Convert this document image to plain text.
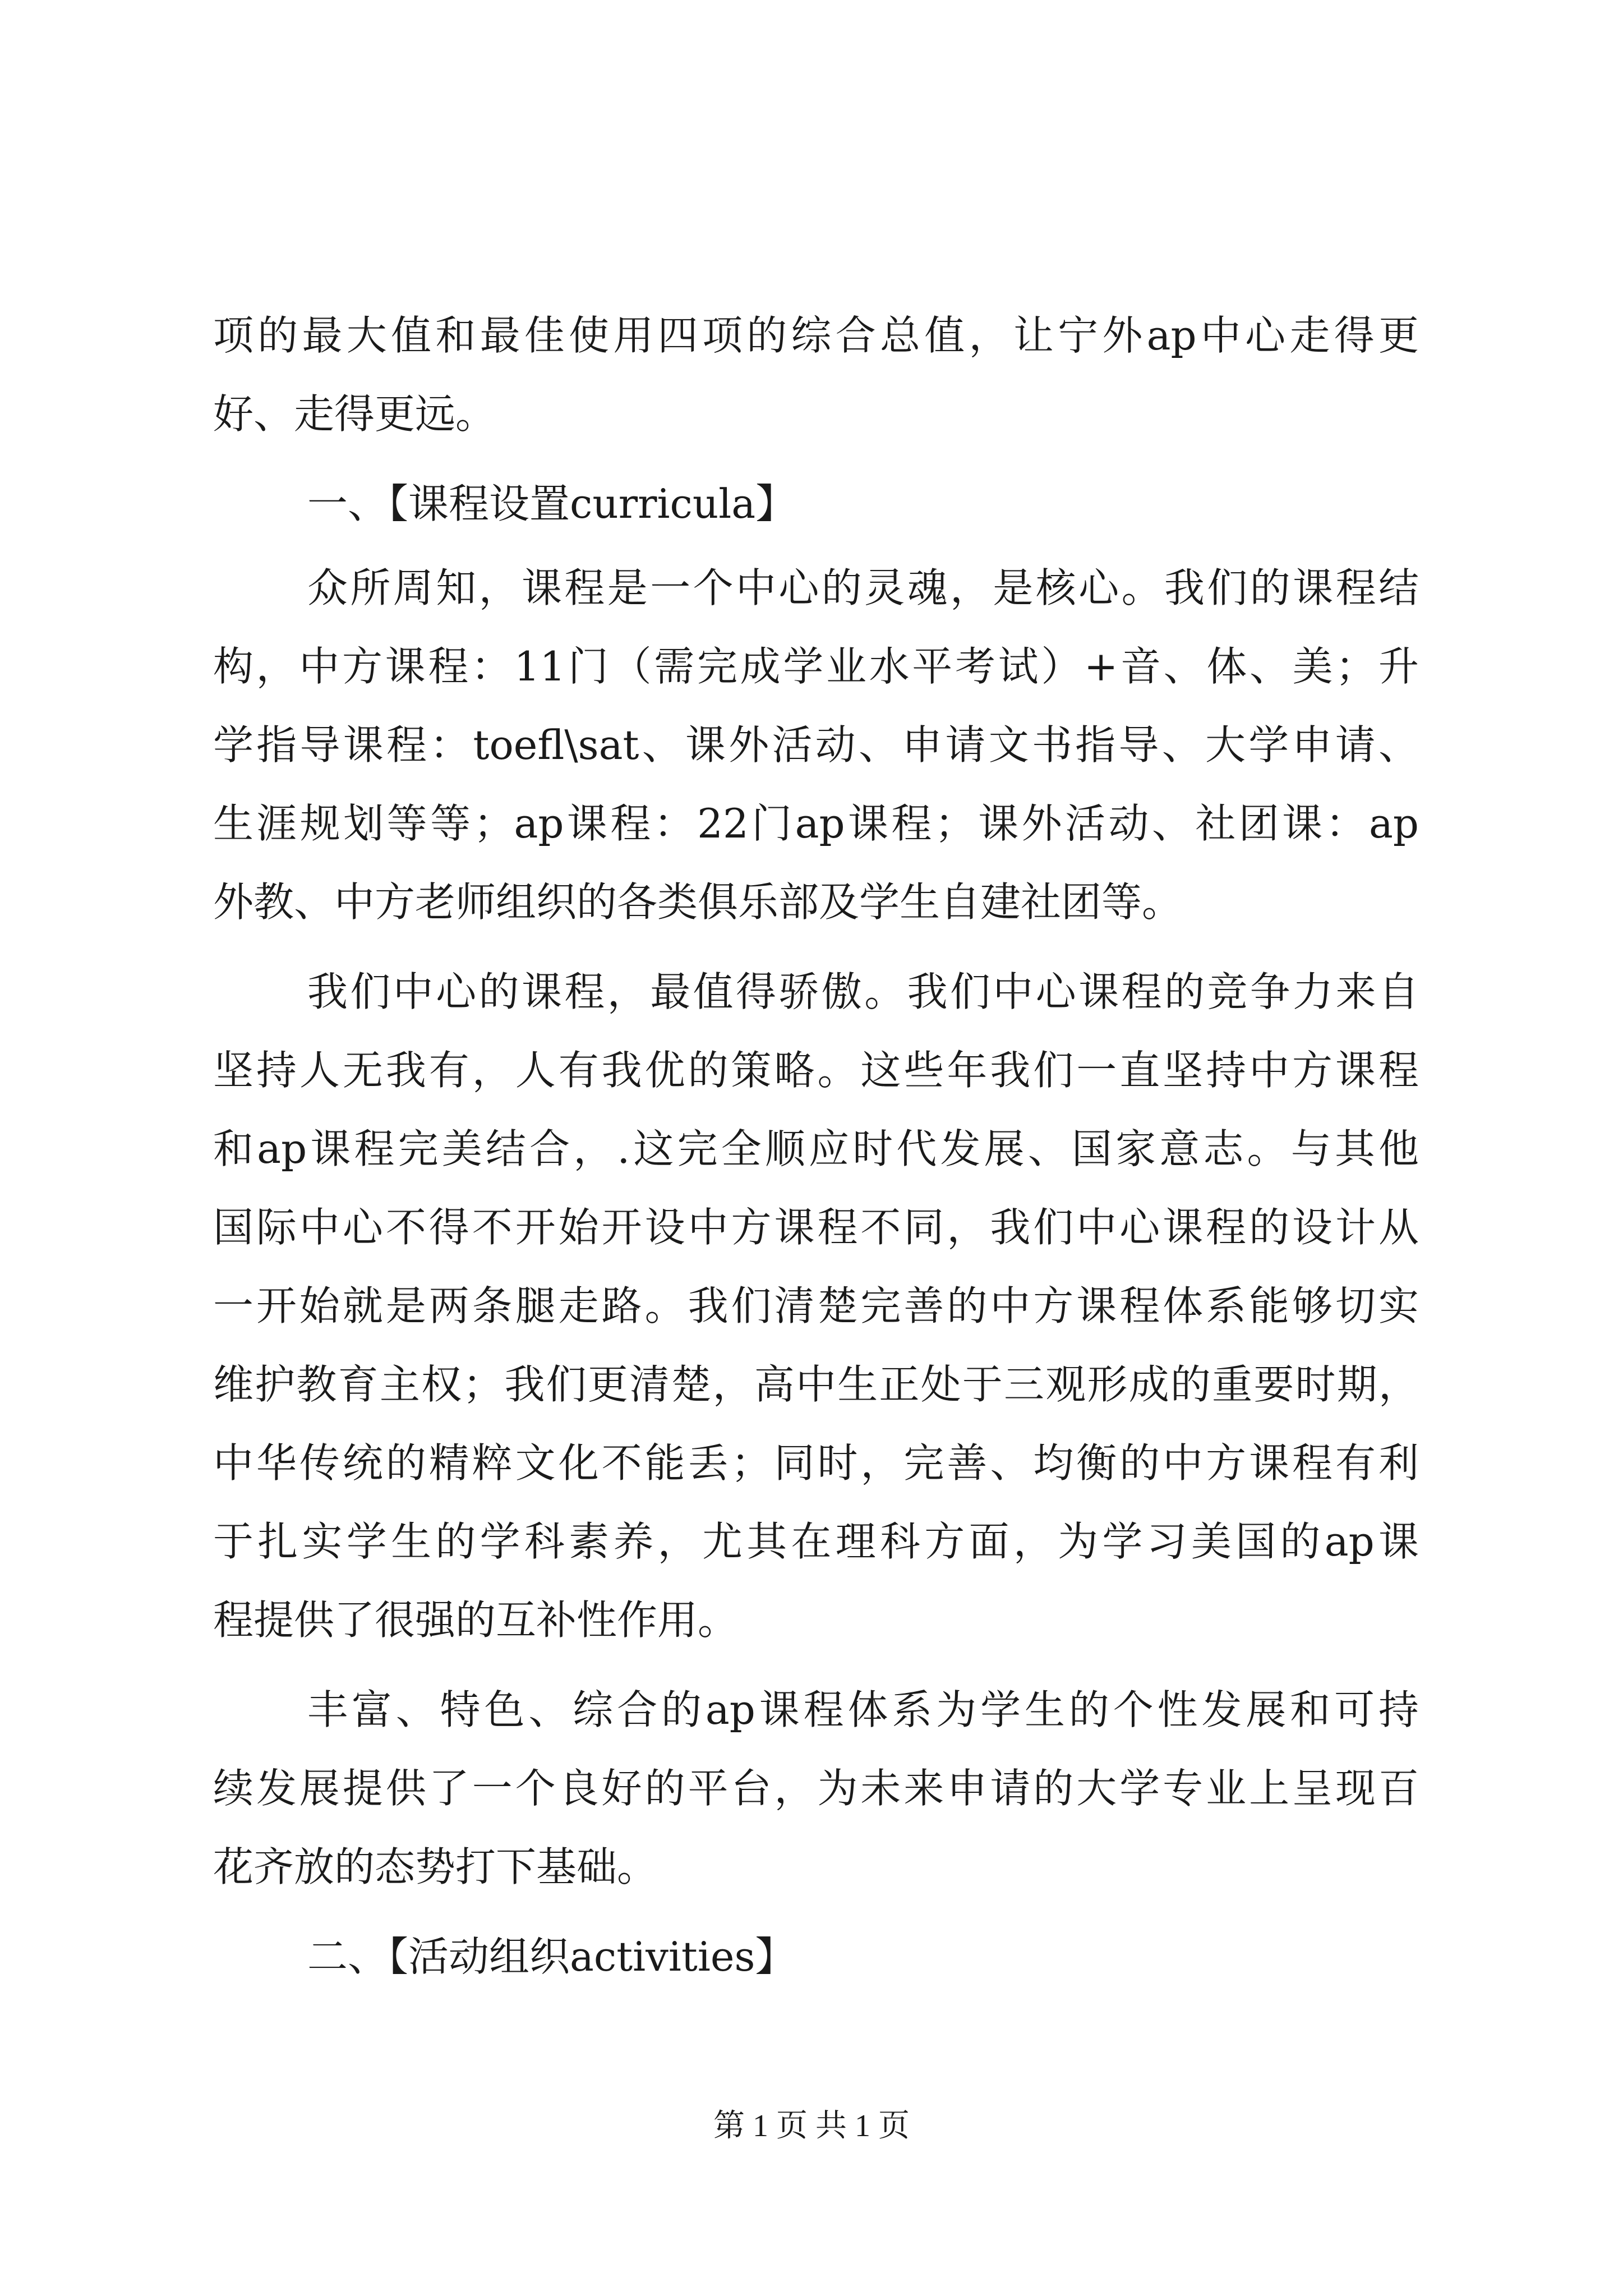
项的最大值和最佳使用四项的综合总值，让宁外ap中心走得更
好、走得更远。
一、【课程设置curricula】
众所周知，课程是一个中心的灵魂，是核心。我们的课程结
构，中方课程：11门（需完成学业水平考试）+音、体、美；升
学指导课程：toefl\sat、课外活动、申请文书指导、大学申请、
生涯规划等等；ap课程：22门ap课程；课外活动、社团课：ap
外教、中方老师组织的各类俱乐部及学生自建社团等。
我们中心的课程，最值得骄傲。我们中心课程的竞争力来自
坚持人无我有，人有我优的策略。这些年我们一直坚持中方课程
和ap课程完美结合，.这完全顺应时代发展、国家意志。与其他
国际中心不得不开始开设中方课程不同，我们中心课程的设计从
一开始就是两条腿走路。我们清楚完善的中方课程体系能够切实
维护教育主权；我们更清楚，高中生正处于三观形成的重要时期，
中华传统的精粹文化不能丢；同时，完善、均衡的中方课程有利
于扎实学生的学科素养，尤其在理科方面，为学习美国的ap课
程提供了很强的互补性作用。
丰富、特色、综合的ap课程体系为学生的个性发展和可持
续发展提供了一个良好的平台，为未来申请的大学专业上呈现百
花齐放的态势打下基础。
二、【活动组织activities】
第 1 页 共 1 页
